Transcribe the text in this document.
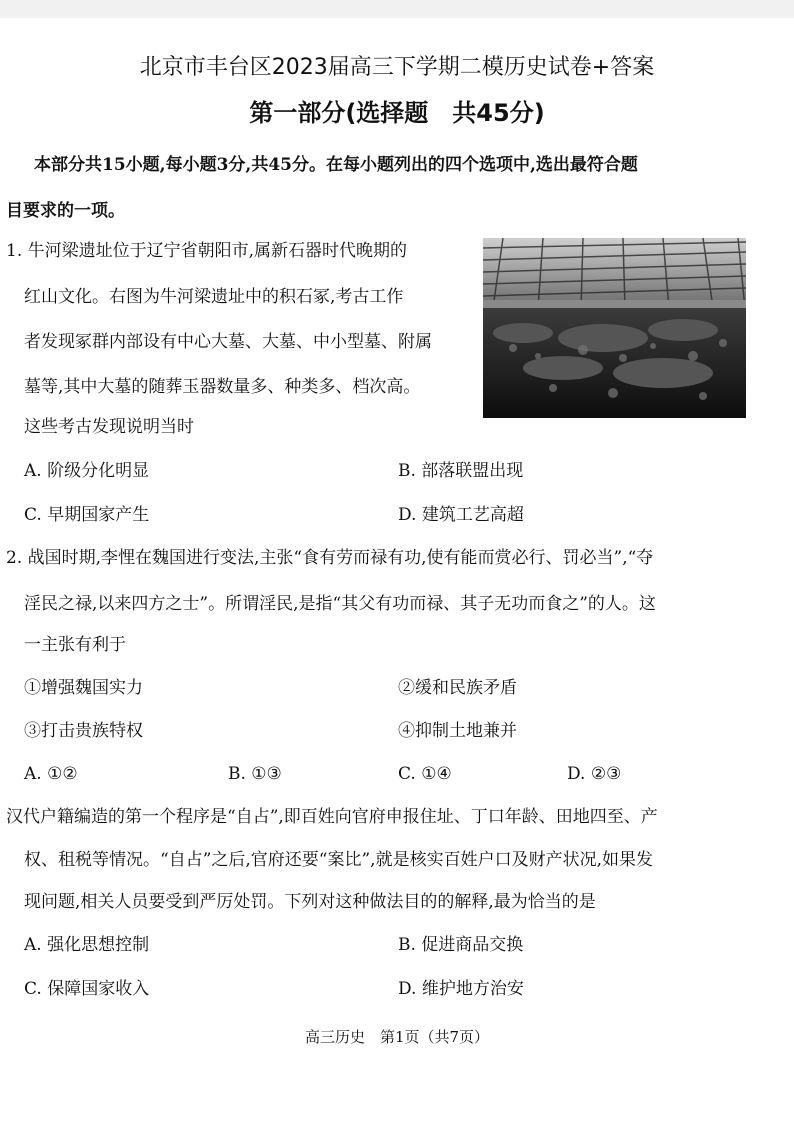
北京市丰台区2023届高三下学期二模历史试卷+答案
第一部分(选择题　共45分)
本部分共15小题,每小题3分,共45分。在每小题列出的四个选项中,选出最符合题
目要求的一项。
1. 牛河梁遗址位于辽宁省朝阳市,属新石器时代晚期的
红山文化。右图为牛河梁遗址中的积石冢,考古工作
者发现冢群内部设有中心大墓、大墓、中小型墓、附属
墓等,其中大墓的随葬玉器数量多、种类多、档次高。
这些考古发现说明当时
A. 阶级分化明显	B. 部落联盟出现
C. 早期国家产生	D. 建筑工艺高超
2. 战国时期,李悝在魏国进行变法,主张“食有劳而禄有功,使有能而赏必行、罚必当”,“夺
淫民之禄,以来四方之士”。所谓淫民,是指“其父有功而禄、其子无功而食之”的人。这
一主张有利于
①增强魏国实力	②缓和民族矛盾
③打击贵族特权	④抑制土地兼并
A. ①②	B. ①③	C. ①④	D. ②③
汉代户籍编造的第一个程序是“自占”,即百姓向官府申报住址、丁口年龄、田地四至、产
权、租税等情况。“自占”之后,官府还要“案比”,就是核实百姓户口及财产状况,如果发
现问题,相关人员要受到严厉处罚。下列对这种做法目的的解释,最为恰当的是
A. 强化思想控制	B. 促进商品交换
C. 保障国家收入	D. 维护地方治安
高三历史　第1页（共7页）
